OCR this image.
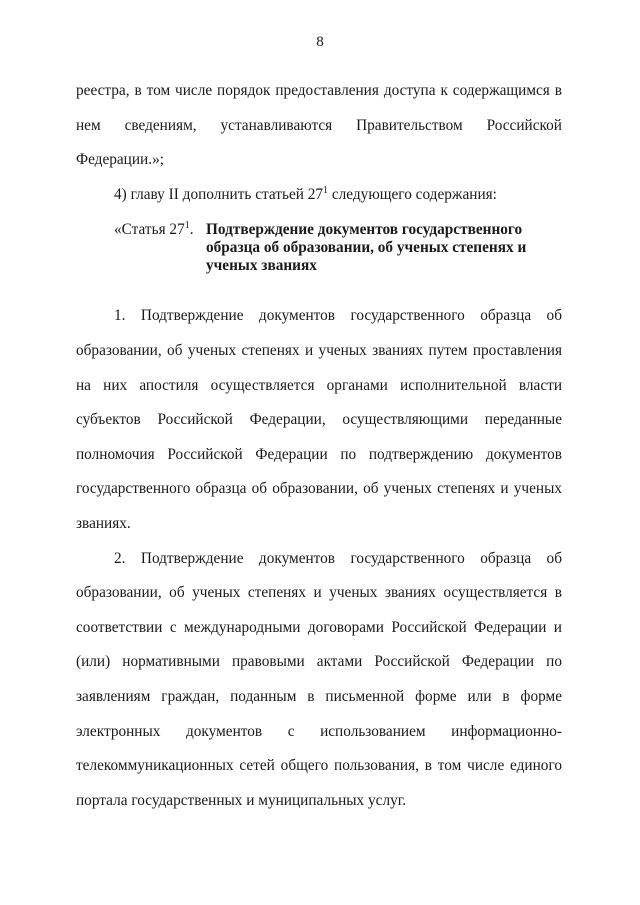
8

реестра, в том числе порядок предоставления доступа к содержащимся в нем сведениям, устанавливаются Правительством Российской Федерации.»;

4) главу II дополнить статьей $27^1$ следующего содержания:

«Статья $27^1$. Подтверждение документов государственного образца об образовании, об ученых степенях и ученых званиях

1. Подтверждение документов государственного образца об образовании, об ученых степенях и ученых званиях путем проставления на них апостиля осуществляется органами исполнительной власти субъектов Российской Федерации, осуществляющими переданные полномочия Российской Федерации по подтверждению документов государственного образца об образовании, об ученых степенях и ученых званиях.

2. Подтверждение документов государственного образца об образовании, об ученых степенях и ученых званиях осуществляется в соответствии с международными договорами Российской Федерации и (или) нормативными правовыми актами Российской Федерации по заявлениям граждан, поданным в письменной форме или в форме электронных документов с использованием информационно-телекоммуникационных сетей общего пользования, в том числе единого портала государственных и муниципальных услуг.
